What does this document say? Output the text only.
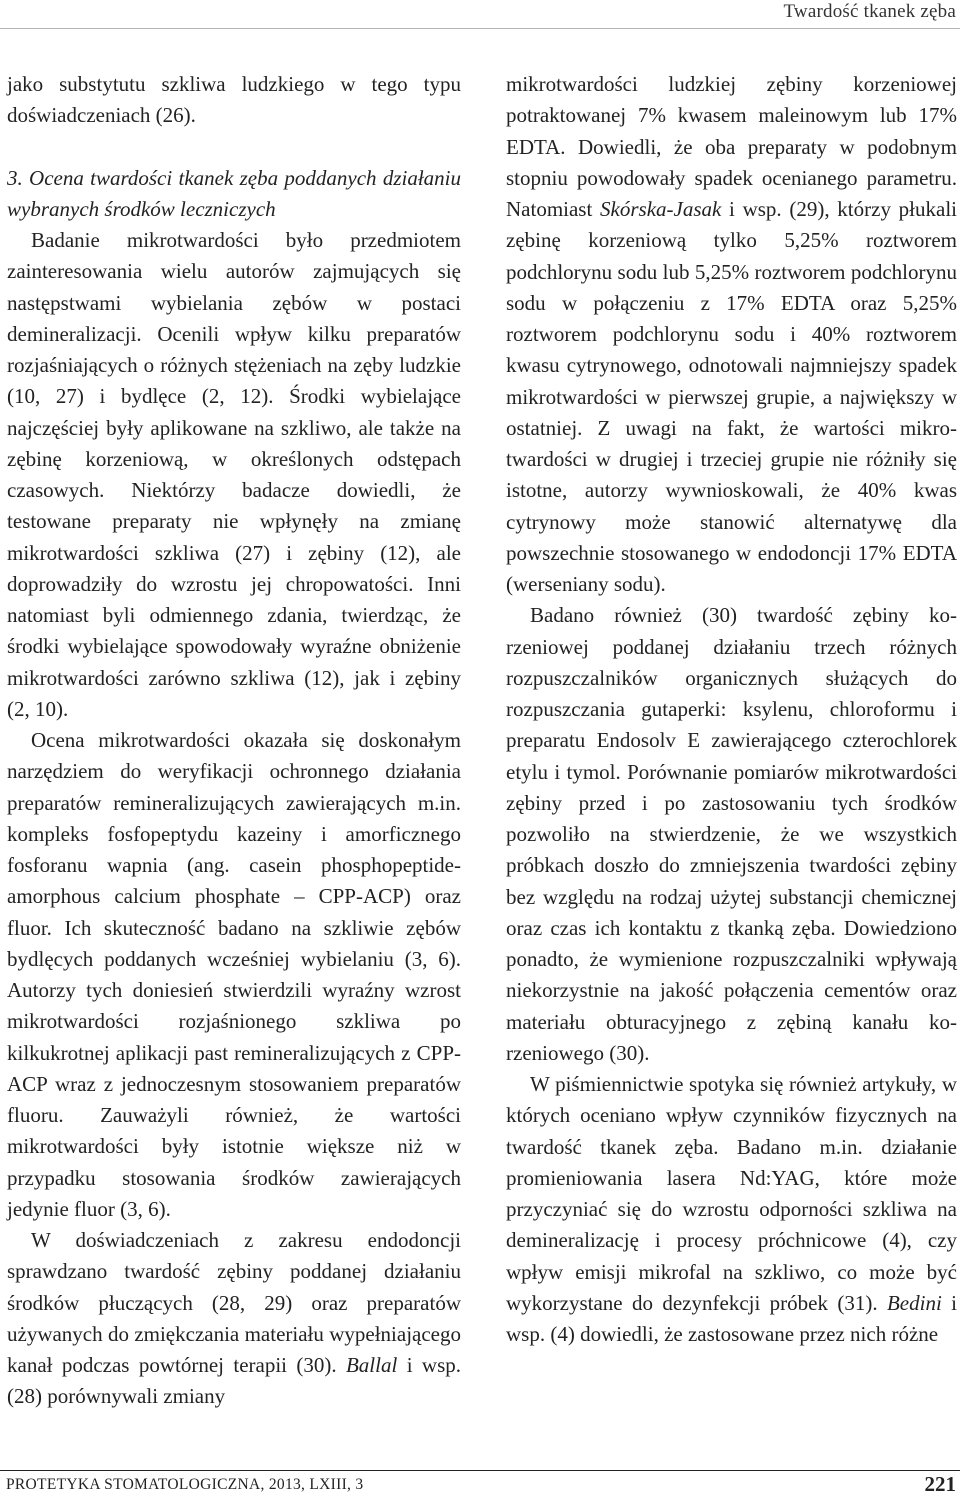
Twardość tkanek zęba

jako substytutu szkliwa ludzkiego w tego typu doświadczeniach (26).

3. Ocena twardości tkanek zęba poddanych działaniu wybranych środków leczniczych

Badanie mikrotwardości było przedmiotem zainteresowania wielu autorów zajmujących się następstwami wybielania zębów w postaci demineralizacji. Ocenili wpływ kilku preparatów rozjaśniających o różnych stężeniach na zęby ludzkie (10, 27) i bydlęce (2, 12). Środki wybielające najczęściej były aplikowane na szkliwo, ale także na zębinę korzeniową, w określonych odstępach czasowych. Niektórzy badacze dowiedli, że testowane preparaty nie wpłynęły na zmianę mikrotwardości szkliwa (27) i zębiny (12), ale doprowadziły do wzrostu jej chropowatości. Inni natomiast byli odmiennego zdania, twierdząc, że środki wybielające spowodowały wyraźne obniżenie mikrotwardości zarówno szkliwa (12), jak i zębiny (2, 10).

Ocena mikrotwardości okazała się doskonałym narzędziem do weryfikacji ochronnego działania preparatów remineralizujących zawierających m.in. kompleks fosfopeptydu kazeiny i amorficznego fosforanu wapnia (ang. casein phosphopeptide-amorphous calcium phosphate – CPP-ACP) oraz fluor. Ich skuteczność badano na szkliwie zębów bydlęcych poddanych wcześniej wybielaniu (3, 6). Autorzy tych doniesień stwierdzili wyraźny wzrost mikrotwardości rozjaśnionego szkliwa po kilkukrotnej aplikacji past remineralizujących z CPP-ACP wraz z jednoczesnym stosowaniem preparatów fluoru. Zauważyli również, że wartości mikrotwardości były istotnie większe niż w przypadku stosowania środków zawierających jedynie fluor (3, 6).

W doświadczeniach z zakresu endodoncji sprawdzano twardość zębiny poddanej działaniu środków płuczących (28, 29) oraz preparatów używanych do zmiękczania materiału wypełniającego kanał podczas powtórnej terapii (30). Ballal i wsp. (28) porównywali zmiany

mikrotwardości ludzkiej zębiny korzeniowej potraktowanej 7% kwasem maleinowym lub 17% EDTA. Dowiedli, że oba preparaty w podobnym stopniu powodowały spadek ocenianego parametru. Natomiast Skórska-Jasak i wsp. (29), którzy płukali zębinę korzeniową tylko 5,25% roztworem podchlorynu sodu lub 5,25% roztworem podchlorynu sodu w połączeniu z 17% EDTA oraz 5,25% roztworem podchlorynu sodu i 40% roztworem kwasu cytrynowego, odnotowali najmniejszy spadek mikrotwardości w pierwszej grupie, a największy w ostatniej. Z uwagi na fakt, że wartości mikrotwardości w drugiej i trzeciej grupie nie różniły się istotne, autorzy wywnioskowali, że 40% kwas cytrynowy może stanowić alternatywę dla powszechnie stosowanego w endodoncji 17% EDTA (werseniany sodu).

Badano również (30) twardość zębiny korzeniowej poddanej działaniu trzech różnych rozpuszczalników organicznych służących do rozpuszczania gutaperki: ksylenu, chloroformu i preparatu Endosolv E zawierającego czterochlorek etylu i tymol. Porównanie pomiarów mikrotwardości zębiny przed i po zastosowaniu tych środków pozwoliło na stwierdzenie, że we wszystkich próbkach doszło do zmniejszenia twardości zębiny bez względu na rodzaj użytej substancji chemicznej oraz czas ich kontaktu z tkanką zęba. Dowiedziono ponadto, że wymienione rozpuszczalniki wpływają niekorzystnie na jakość połączenia cementów oraz materiału obturacyjnego z zębiną kanału korzeniowego (30).

W piśmiennictwie spotyka się również artykuły, w których oceniano wpływ czynników fizycznych na twardość tkanek zęba. Badano m.in. działanie promieniowania lasera Nd:YAG, które może przyczyniać się do wzrostu odporności szkliwa na demineralizację i procesy próchnicowe (4), czy wpływ emisji mikrofal na szkliwo, co może być wykorzystane do dezynfekcji próbek (31). Bedini i wsp. (4) dowiedli, że zastosowane przez nich różne

PROTETYKA STOMATOLOGICZNA, 2013, LXIII, 3	221
